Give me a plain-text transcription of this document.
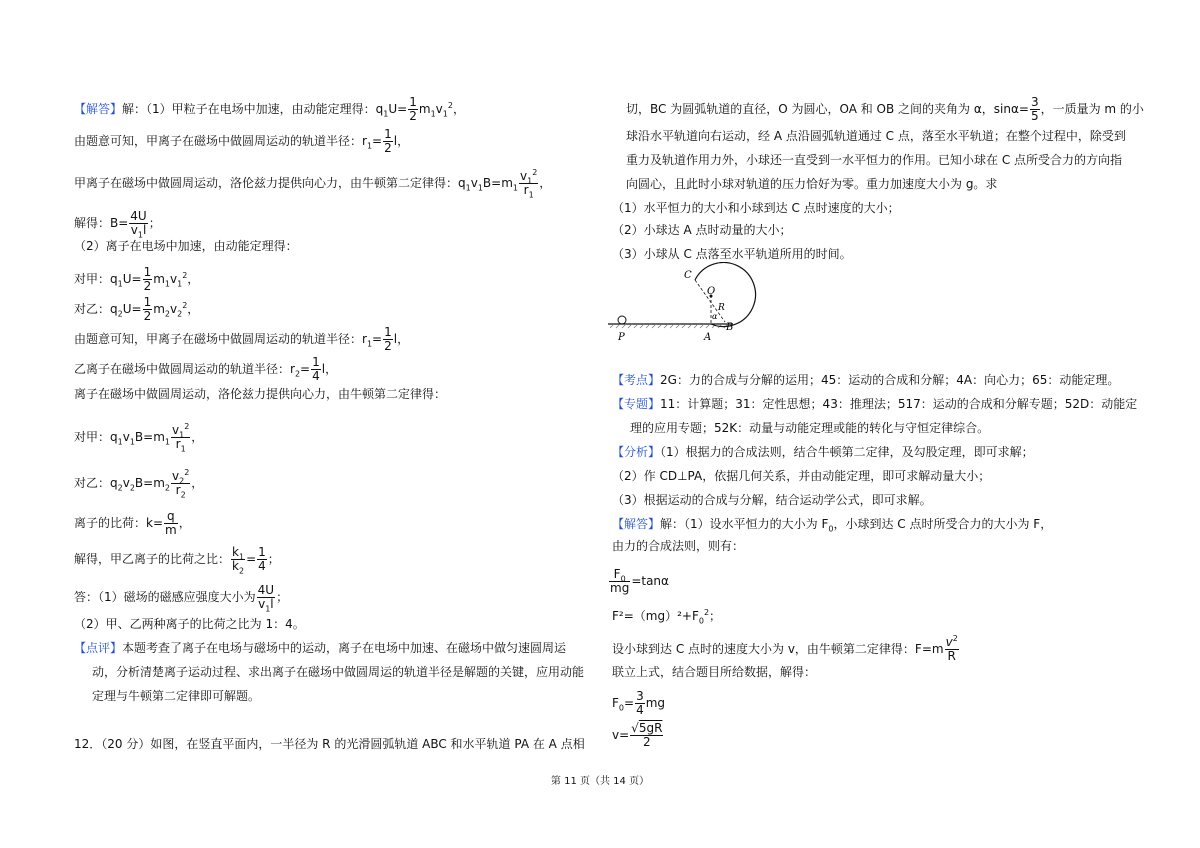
【解答】解：（1）甲粒子在电场中加速，由动能定理得：$q_1U= \frac{1}{2} m_1v_1^2$，
由题意可知，甲离子在磁场中做圆周运动的轨道半径：$r_1= \frac{1}{2}$ l，
甲离子在磁场中做圆周运动，洛伦兹力提供向心力，由牛顿第二定律得：$q_1v_1B=m_1 \frac{v_1^2}{r_1}$ ，
解得：$B= \frac{4U}{v_1l}$ ；
（2）离子在电场中加速，由动能定理得：
对甲：$q_1U= \frac{1}{2} m_1v_1^2$，
对乙：$q_2U= \frac{1}{2} m_2v_2^2$，
由题意可知，甲离子在磁场中做圆周运动的轨道半径：$r_1= \frac{1}{2}$ l，
乙离子在磁场中做圆周运动的轨道半径：$r_2= \frac{1}{4}$ l，
离子在磁场中做圆周运动，洛伦兹力提供向心力，由牛顿第二定律得：
对甲：$q_1v_1B=m_1 \frac{v_1^2}{r_1}$ ，
对乙：$q_2v_2B=m_2 \frac{v_2^2}{r_2}$ ，
离子的比荷：$k= \frac{q}{m}$ ，
解得，甲乙离子的比荷之比： $\frac{k_1}{k_2} = \frac{1}{4}$ ；
答：（1）磁场的磁感应强度大小为 $\frac{4U}{v_1l}$ ；
（2）甲、乙两种离子的比荷之比为 1：4。
【点评】本题考查了离子在电场与磁场中的运动，离子在电场中加速、在磁场中做匀速圆周运
动，分析清楚离子运动过程、求出离子在磁场中做圆周运的轨道半径是解题的关键，应用动能
定理与牛顿第二定律即可解题。
12．（20 分）如图，在竖直平面内，一半径为 R 的光滑圆弧轨道 ABC 和水平轨道 PA 在 A 点相
切，BC 为圆弧轨道的直径，O 为圆心，OA 和 OB 之间的夹角为 α，$\sin\alpha= \frac{3}{5}$ ，一质量为 m 的小
球沿水平轨道向右运动，经 A 点沿圆弧轨道通过 C 点，落至水平轨道；在整个过程中，除受到
重力及轨道作用力外，小球还一直受到一水平恒力的作用。已知小球在 C 点所受合力的方向指
向圆心，且此时小球对轨道的压力恰好为零。重力加速度大小为 g。求
（1）水平恒力的大小和小球到达 C 点时速度的大小；
（2）小球达 A 点时动量的大小；
（3）小球从 C 点落至水平轨道所用的时间。
C
O
R
α
B
A
P
【考点】2G：力的合成与分解的运用；45：运动的合成和分解；4A：向心力；65：动能定理。
【专题】11：计算题；31：定性思想；43：推理法；517：运动的合成和分解专题；52D：动能定
理的应用专题；52K：动量与动能定理或能的转化与守恒定律综合。
【分析】（1）根据力的合成法则，结合牛顿第二定律，及勾股定理，即可求解；
（2）作 CD⊥PA，依据几何关系，并由动能定理，即可求解动量大小；
（3）根据运动的合成与分解，结合运动学公式，即可求解。
【解答】解：（1）设水平恒力的大小为 $F_0$，小球到达 C 点时所受合力的大小为 F，
由力的合成法则，则有：
$\frac{F_0}{mg} =\tan\alpha$
$F^2=(mg)^2+F_0^2$；
设小球到达 C 点时的速度大小为 v，由牛顿第二定律得：$F=m \frac{v^2}{R}$
联立上式，结合题目所给数据，解得：
$F_0= \frac{3}{4}$ mg
$v= \frac{√5gR}{2}$
第 11 页（共 14 页）
